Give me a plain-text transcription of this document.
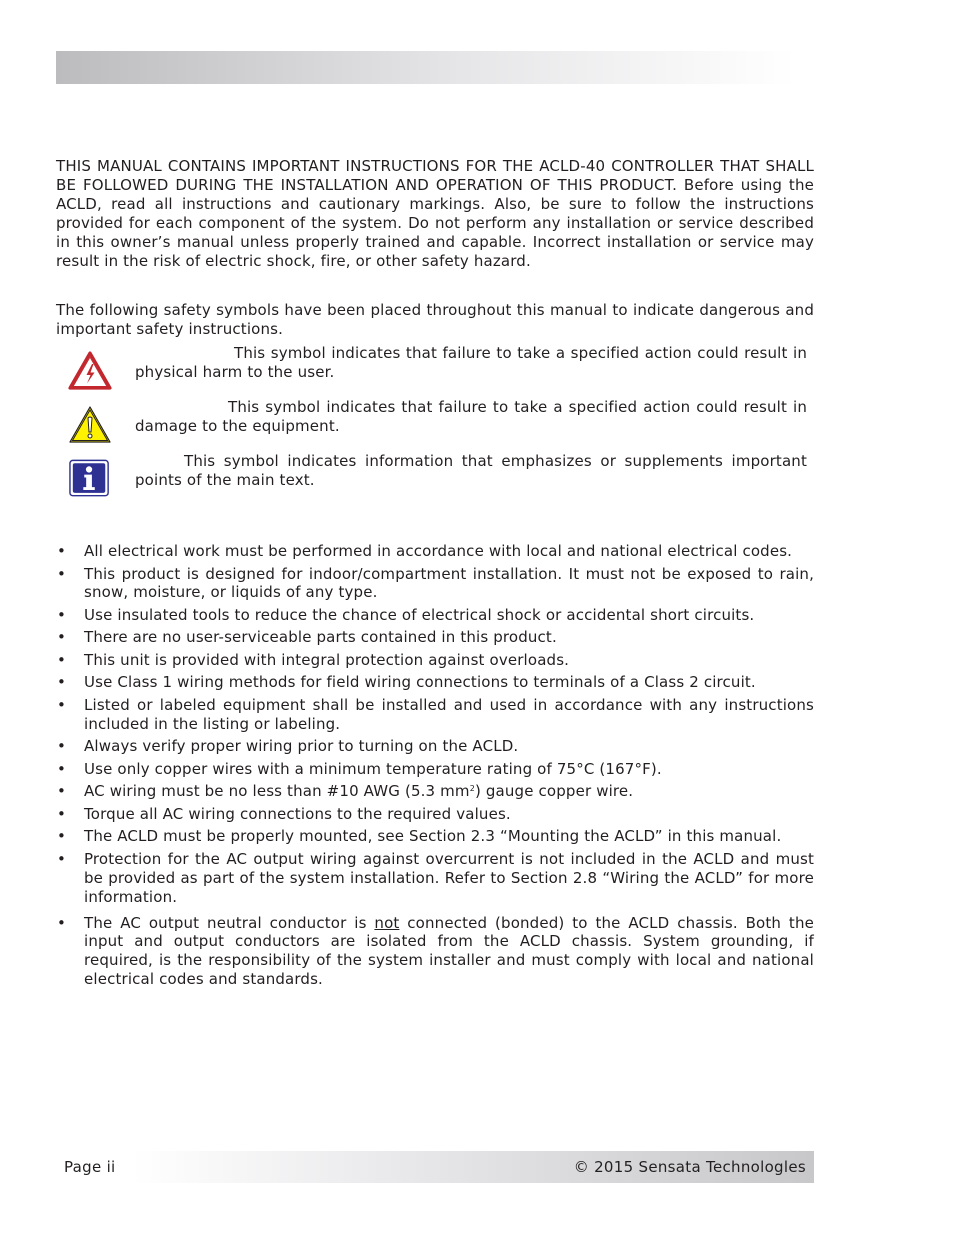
THIS MANUAL CONTAINS IMPORTANT INSTRUCTIONS FOR THE ACLD-40 CONTROLLER THAT SHALL BE FOLLOWED DURING THE INSTALLATION AND OPERATION OF THIS PRODUCT. Before using the ACLD, read all instructions and cautionary markings. Also, be sure to follow the instructions provided for each component of the system. Do not perform any installation or service described in this owner’s manual unless properly trained and capable. Incorrect installation or service may result in the risk of electric shock, fire, or other safety hazard.

The following safety symbols have been placed throughout this manual to indicate dangerous and important safety instructions.

This symbol indicates that failure to take a specified action could result in physical harm to the user.

This symbol indicates that failure to take a specified action could result in damage to the equipment.

This symbol indicates information that emphasizes or supplements important points of the main text.

• All electrical work must be performed in accordance with local and national electrical codes.
• This product is designed for indoor/compartment installation. It must not be exposed to rain, snow, moisture, or liquids of any type.
• Use insulated tools to reduce the chance of electrical shock or accidental short circuits.
• There are no user-serviceable parts contained in this product.
• This unit is provided with integral protection against overloads.
• Use Class 1 wiring methods for field wiring connections to terminals of a Class 2 circuit.
• Listed or labeled equipment shall be installed and used in accordance with any instructions included in the listing or labeling.
• Always verify proper wiring prior to turning on the ACLD.
• Use only copper wires with a minimum temperature rating of 75°C (167°F).
• AC wiring must be no less than #10 AWG (5.3 $mm^2$) gauge copper wire.
• Torque all AC wiring connections to the required values.
• The ACLD must be properly mounted, see Section 2.3 “Mounting the ACLD” in this manual.
• Protection for the AC output wiring against overcurrent is not included in the ACLD and must be provided as part of the system installation. Refer to Section 2.8 “Wiring the ACLD” for more information.
• The AC output neutral conductor is not connected (bonded) to the ACLD chassis. Both the input and output conductors are isolated from the ACLD chassis. System grounding, if required, is the responsibility of the system installer and must comply with local and national electrical codes and standards.
Page ii	© 2015 Sensata Technologles
